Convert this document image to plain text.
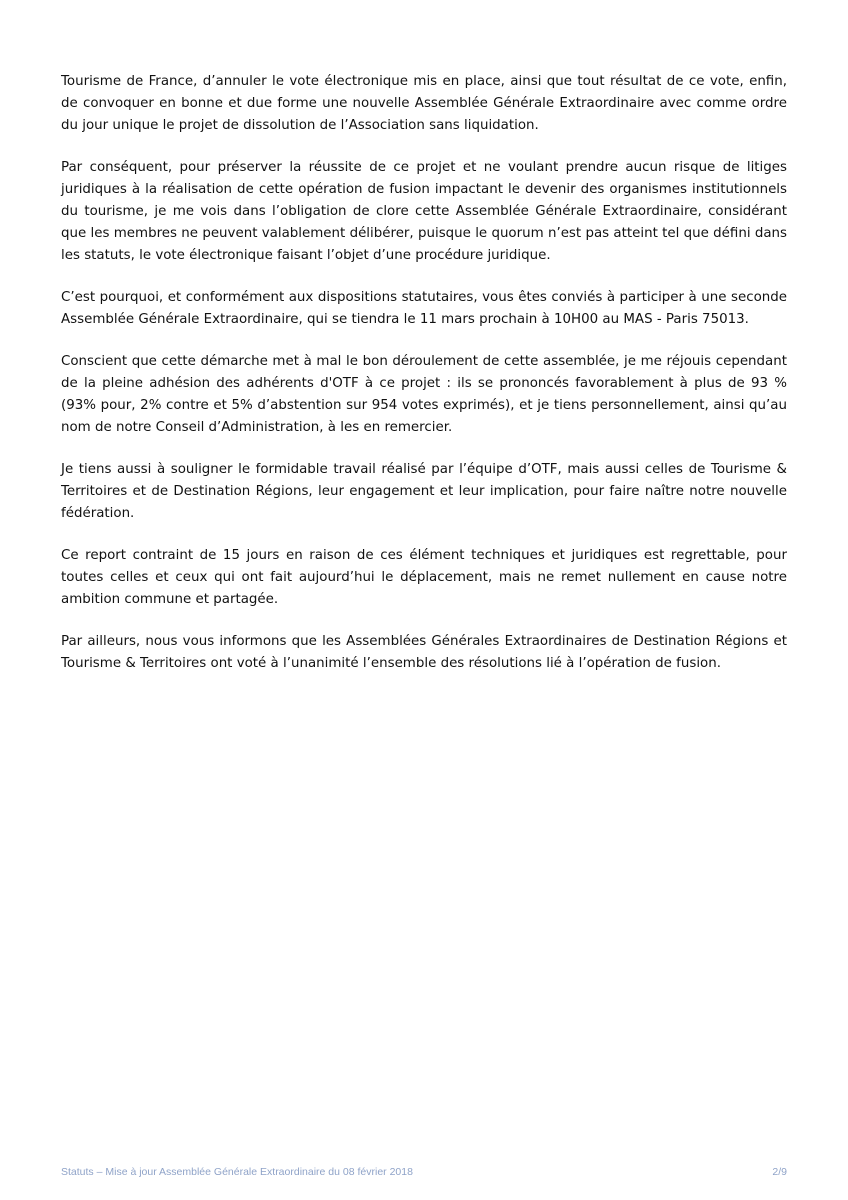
Tourisme de France, d’annuler le vote électronique mis en place, ainsi que tout résultat de ce vote, enfin, de convoquer en bonne et due forme une nouvelle Assemblée Générale Extraordinaire avec comme ordre du jour unique le projet de dissolution de l’Association sans liquidation.

Par conséquent, pour préserver la réussite de ce projet et ne voulant prendre aucun risque de litiges juridiques à la réalisation de cette opération de fusion impactant le devenir des organismes institutionnels du tourisme, je me vois dans l’obligation de clore cette Assemblée Générale Extraordinaire, considérant que les membres ne peuvent valablement délibérer, puisque le quorum n’est pas atteint tel que défini dans les statuts, le vote électronique faisant l’objet d’une procédure juridique.

C’est pourquoi, et conformément aux dispositions statutaires, vous êtes conviés à participer à une seconde Assemblée Générale Extraordinaire, qui se tiendra le 11 mars prochain à 10H00 au MAS - Paris 75013.

Conscient que cette démarche met à mal le bon déroulement de cette assemblée, je me réjouis cependant de la pleine adhésion des adhérents d'OTF à ce projet : ils se prononcés favorablement à plus de 93 % (93% pour, 2% contre et 5% d’abstention sur 954 votes exprimés), et je tiens personnellement, ainsi qu’au nom de notre Conseil d’Administration, à les en remercier.

Je tiens aussi à souligner le formidable travail réalisé par l’équipe d’OTF, mais aussi celles de Tourisme & Territoires et de Destination Régions, leur engagement et leur implication, pour faire naître notre nouvelle fédération.

Ce report contraint de 15 jours en raison de ces élément techniques et juridiques est regrettable, pour toutes celles et ceux qui ont fait aujourd’hui le déplacement, mais ne remet nullement en cause notre ambition commune et partagée.

Par ailleurs, nous vous informons que les Assemblées Générales Extraordinaires de Destination Régions et Tourisme & Territoires ont voté à l’unanimité l’ensemble des résolutions lié à l’opération de fusion.

Statuts – Mise à jour Assemblée Générale Extraordinaire du 08 février 2018	2/9
